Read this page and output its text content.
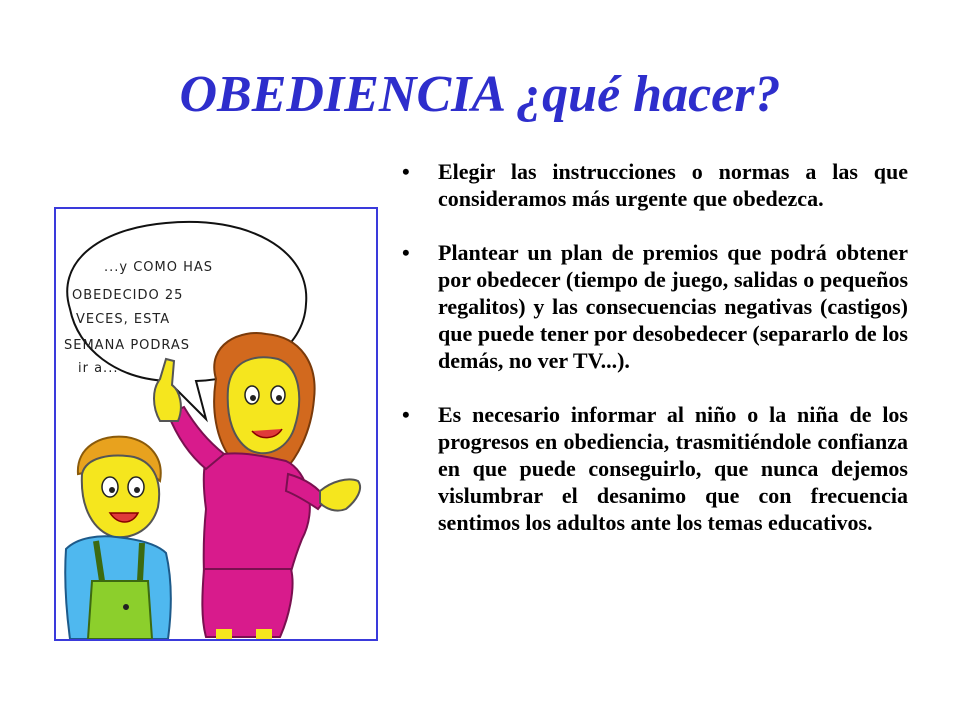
OBEDIENCIA ¿qué hacer?
...y COMO HAS
OBEDECIDO 25
VECES, ESTA
SEMANA PODRAS
ir a...
• Elegir las instrucciones o normas a las que consideramos más urgente que obedezca.
• Plantear un plan de premios que podrá obtener por obedecer (tiempo de juego, salidas o pequeños regalitos) y las consecuencias negativas (castigos) que puede tener por desobedecer (separarlo de los demás, no ver TV...).
• Es necesario informar al niño o la niña de los progresos en obediencia, trasmitiéndole confianza en que puede conseguirlo, que nunca dejemos vislumbrar el desanimo que con frecuencia sentimos los adultos ante los temas educativos.
